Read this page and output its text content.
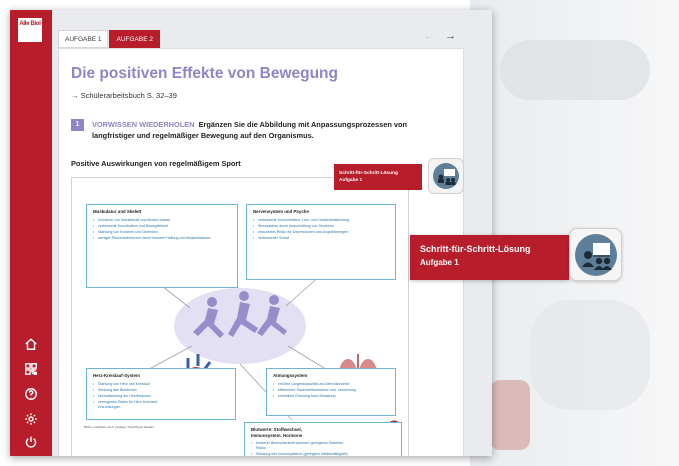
Alle Biol
AUFGABE 1	AUFGABE 2	← →
Die positiven Effekte von Bewegung
→ Schülerarbeitsbuch S. 32–39
1	VORWISSEN WIEDERHOLEN Ergänzen Sie die Abbildung mit Anpassungsprozessen von langfristiger und regelmäßiger Bewegung auf den Organismus.
Positive Auswirkungen von regelmäßigem Sport
Muskulatur und Skelett
• Zunahme von Muskelkraft und Muskel-masse
• verbesserte Koordination und Beweglichkeit
• Stärkung von Knochen und Gelenken
• weniger Rückenschmerzen durch bessere Haltung und Muskelbalance
Nervensystem und Psyche
• verbesserte Konzentration, Lern- und Gedächtnisleistung
• Stressabbau durch Ausschüttung von Serotonin
• reduziertes Risiko für Depressionen und Angststörungen
• verbesserter Schlaf
Herz-Kreislauf-System
• Stärkung von Herz und Kreislauf
• Senkung des Blutdrucks
• Normalisierung der Herzfrequenz
• verringertes Risiko für Herz-Kreislauf-Erkrankungen
Bilder modifiziert nach: pixabay / Sport/Sport Medien
Atmungssystem
• erhöhte Lungenkapazität und Atemökonomie
• effizientere Sauerstoffaufnahme und -verwertung
• schnellere Erholung nach Belastung
Blutwerte: Stoffwechsel, Immunsystem, Hormone
• besserer Blutzuckerstoff-wechsel: geringeres Diabetes-Risiko
• Stärkung des Immunsystems (geringere Infektanfälligkeit)
Schritt-für-Schritt-Lösung
Aufgabe 1
Schritt-für-Schritt-Lösung
Aufgabe 1
